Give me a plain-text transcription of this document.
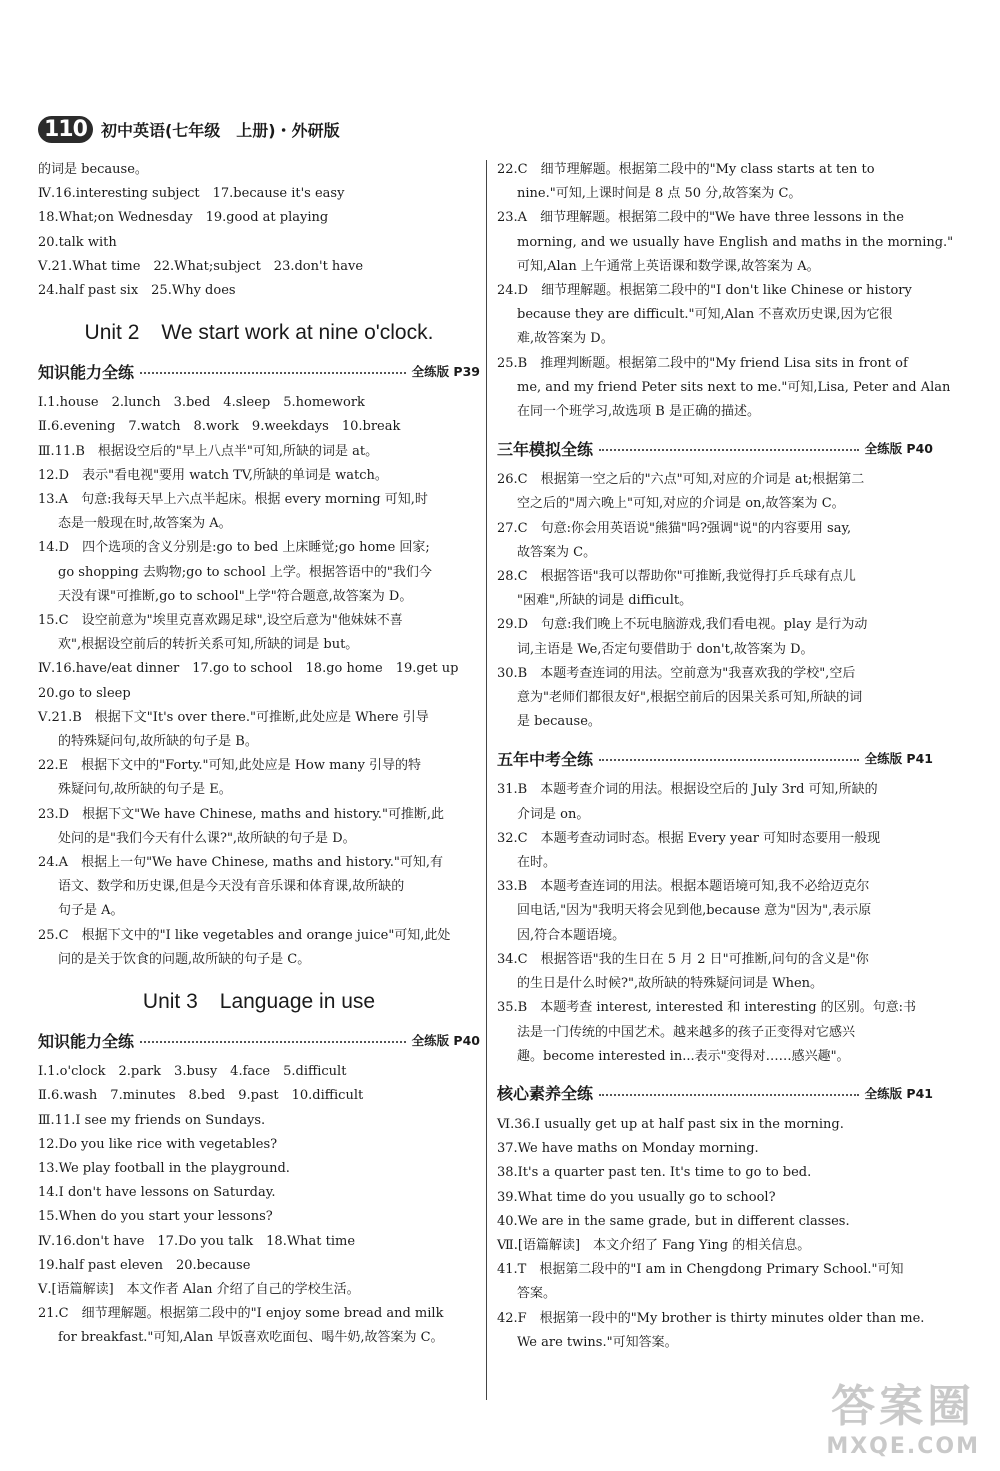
110 初中英语(七年级　上册)・外研版
的词是 because。
Ⅳ.16.interesting subject　17.because it's easy
18.What;on Wednesday　19.good at playing
20.talk with
Ⅴ.21.What time　22.What;subject　23.don't have
24.half past six　25.Why does
Unit 2 We start work at nine o'clock.
知识能力全练	全练版 P39
Ⅰ.1.house　2.lunch　3.bed　4.sleep　5.homework
Ⅱ.6.evening　7.watch　8.work　9.weekdays　10.break
Ⅲ.11.B　根据设空后的"早上八点半"可知,所缺的词是 at。
12.D　表示"看电视"要用 watch TV,所缺的单词是 watch。
13.A　句意:我每天早上六点半起床。根据 every morning 可知,时
态是一般现在时,故答案为 A。
14.D　四个选项的含义分别是:go to bed 上床睡觉;go home 回家;
go shopping 去购物;go to school 上学。根据答语中的"我们今
天没有课"可推断,go to school"上学"符合题意,故答案为 D。
15.C　设空前意为"埃里克喜欢踢足球",设空后意为"他妹妹不喜
欢",根据设空前后的转折关系可知,所缺的词是 but。
Ⅳ.16.have/eat dinner　17.go to school　18.go home　19.get up
20.go to sleep
Ⅴ.21.B　根据下文"It's over there."可推断,此处应是 Where 引导
的特殊疑问句,故所缺的句子是 B。
22.E　根据下文中的"Forty."可知,此处应是 How many 引导的特
殊疑问句,故所缺的句子是 E。
23.D　根据下文"We have Chinese, maths and history."可推断,此
处问的是"我们今天有什么课?",故所缺的句子是 D。
24.A　根据上一句"We have Chinese, maths and history."可知,有
语文、数学和历史课,但是今天没有音乐课和体育课,故所缺的
句子是 A。
25.C　根据下文中的"I like vegetables and orange juice"可知,此处
问的是关于饮食的问题,故所缺的句子是 C。
Unit 3 Language in use
知识能力全练	全练版 P40
Ⅰ.1.o'clock　2.park　3.busy　4.face　5.difficult
Ⅱ.6.wash　7.minutes　8.bed　9.past　10.difficult
Ⅲ.11.I see my friends on Sundays.
12.Do you like rice with vegetables?
13.We play football in the playground.
14.I don't have lessons on Saturday.
15.When do you start your lessons?
Ⅳ.16.don't have　17.Do you talk　18.What time
19.half past eleven　20.because
Ⅴ.[语篇解读]　本文作者 Alan 介绍了自己的学校生活。
21.C　细节理解题。根据第二段中的"I enjoy some bread and milk
for breakfast."可知,Alan 早饭喜欢吃面包、喝牛奶,故答案为 C。
22.C　细节理解题。根据第二段中的"My class starts at ten to
nine."可知,上课时间是 8 点 50 分,故答案为 C。
23.A　细节理解题。根据第二段中的"We have three lessons in the
morning, and we usually have English and maths in the morning."
可知,Alan 上午通常上英语课和数学课,故答案为 A。
24.D　细节理解题。根据第二段中的"I don't like Chinese or history
because they are difficult."可知,Alan 不喜欢历史课,因为它很
难,故答案为 D。
25.B　推理判断题。根据第二段中的"My friend Lisa sits in front of
me, and my friend Peter sits next to me."可知,Lisa, Peter and Alan
在同一个班学习,故选项 B 是正确的描述。
三年模拟全练	全练版 P40
26.C　根据第一空之后的"六点"可知,对应的介词是 at;根据第二
空之后的"周六晚上"可知,对应的介词是 on,故答案为 C。
27.C　句意:你会用英语说"熊猫"吗?强调"说"的内容要用 say,
故答案为 C。
28.C　根据答语"我可以帮助你"可推断,我觉得打乒乓球有点儿
"困难",所缺的词是 difficult。
29.D　句意:我们晚上不玩电脑游戏,我们看电视。play 是行为动
词,主语是 We,否定句要借助于 don't,故答案为 D。
30.B　本题考查连词的用法。空前意为"我喜欢我的学校",空后
意为"老师们都很友好",根据空前后的因果关系可知,所缺的词
是 because。
五年中考全练	全练版 P41
31.B　本题考查介词的用法。根据设空后的 July 3rd 可知,所缺的
介词是 on。
32.C　本题考查动词时态。根据 Every year 可知时态要用一般现
在时。
33.B　本题考查连词的用法。根据本题语境可知,我不必给迈克尔
回电话,"因为"我明天将会见到他,because 意为"因为",表示原
因,符合本题语境。
34.C　根据答语"我的生日在 5 月 2 日"可推断,问句的含义是"你
的生日是什么时候?",故所缺的特殊疑问词是 When。
35.B　本题考查 interest, interested 和 interesting 的区别。句意:书
法是一门传统的中国艺术。越来越多的孩子正变得对它感兴
趣。become interested in...表示"变得对……感兴趣"。
核心素养全练	全练版 P41
Ⅵ.36.I usually get up at half past six in the morning.
37.We have maths on Monday morning.
38.It's a quarter past ten. It's time to go to bed.
39.What time do you usually go to school?
40.We are in the same grade, but in different classes.
Ⅶ.[语篇解读]　本文介绍了 Fang Ying 的相关信息。
41.T　根据第二段中的"I am in Chengdong Primary School."可知
答案。
42.F　根据第一段中的"My brother is thirty minutes older than me.
We are twins."可知答案。
答案圈
MXQE.COM
